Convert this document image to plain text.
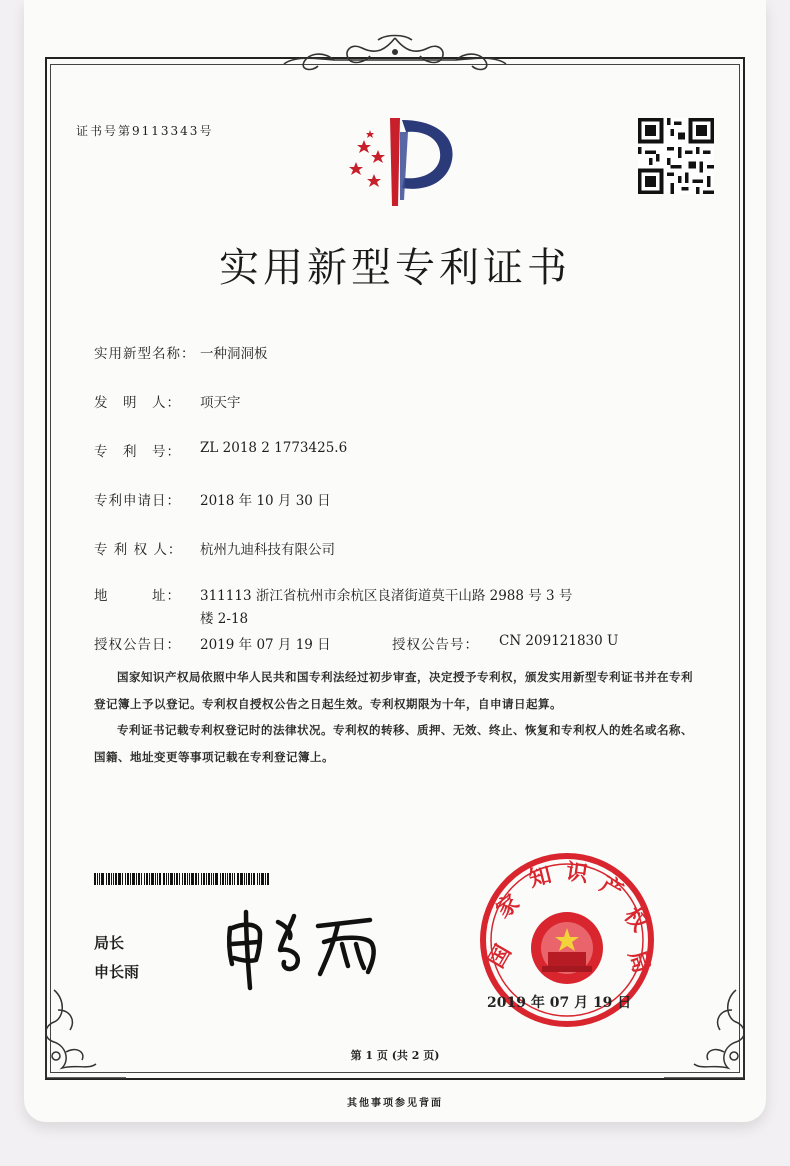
证书号第9113343号
实用新型专利证书
实用新型名称： 一种洞洞板
发　明　人： 项天宇
专　利　号： ZL 2018 2 1773425.6
专利申请日： 2018 年 10 月 30 日
专 利 权 人： 杭州九迪科技有限公司
地　　　址： 311113 浙江省杭州市余杭区良渚街道莫干山路 2988 号 3 号
楼 2-18
授权公告日： 2019 年 07 月 19 日	授权公告号： CN 209121830 U

国家知识产权局依照中华人民共和国专利法经过初步审查，决定授予专利权，颁发实用新型专利证书并在专利登记簿上予以登记。专利权自授权公告之日起生效。专利权期限为十年，自申请日起算。

专利证书记载专利权登记时的法律状况。专利权的转移、质押、无效、终止、恢复和专利权人的姓名或名称、国籍、地址变更等事项记载在专利登记簿上。

局长
申长雨	国
家
知 识 产
权
局
2019 年 07 月 19 日
第 1 页 (共 2 页)
其他事项参见背面
